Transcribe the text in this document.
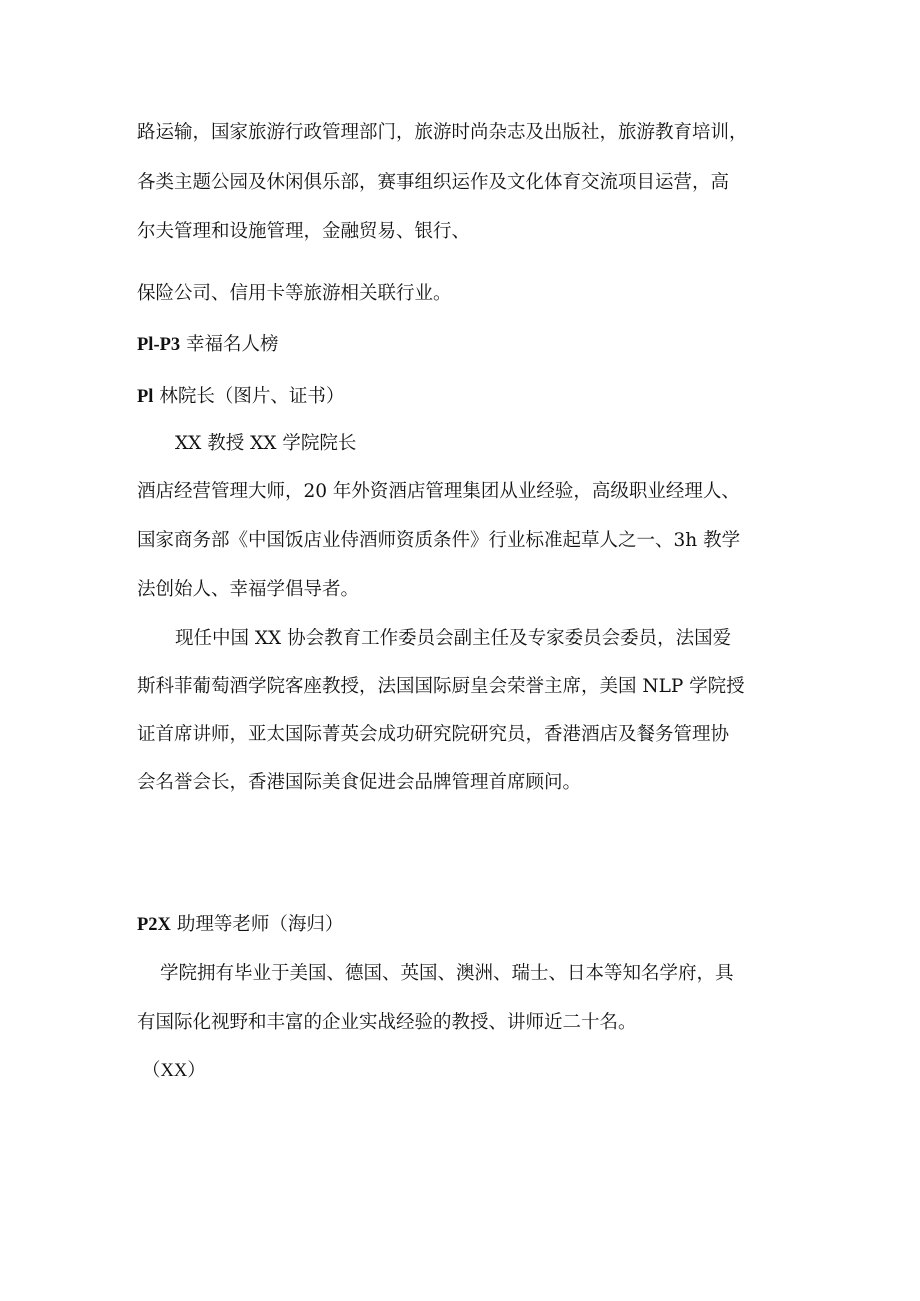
路运输，国家旅游行政管理部门，旅游时尚杂志及出版社，旅游教育培训，

各类主题公园及休闲俱乐部，赛事组织运作及文化体育交流项目运营，高

尔夫管理和设施管理，金融贸易、银行、

保险公司、信用卡等旅游相关联行业。

Pl-P3 幸福名人榜

Pl 林院长（图片、证书）

XX 教授 XX 学院院长

酒店经营管理大师，20 年外资酒店管理集团从业经验，高级职业经理人、

国家商务部《中国饭店业侍酒师资质条件》行业标准起草人之一、3h 教学

法创始人、幸福学倡导者。

现任中国 XX 协会教育工作委员会副主任及专家委员会委员，法国爱

斯科菲葡萄酒学院客座教授，法国国际厨皇会荣誉主席，美国 NLP 学院授

证首席讲师，亚太国际菁英会成功研究院研究员，香港酒店及餐务管理协

会名誉会长，香港国际美食促进会品牌管理首席顾问。

P2X 助理等老师（海归）

学院拥有毕业于美国、德国、英国、澳洲、瑞士、日本等知名学府，具

有国际化视野和丰富的企业实战经验的教授、讲师近二十名。

（XX）
